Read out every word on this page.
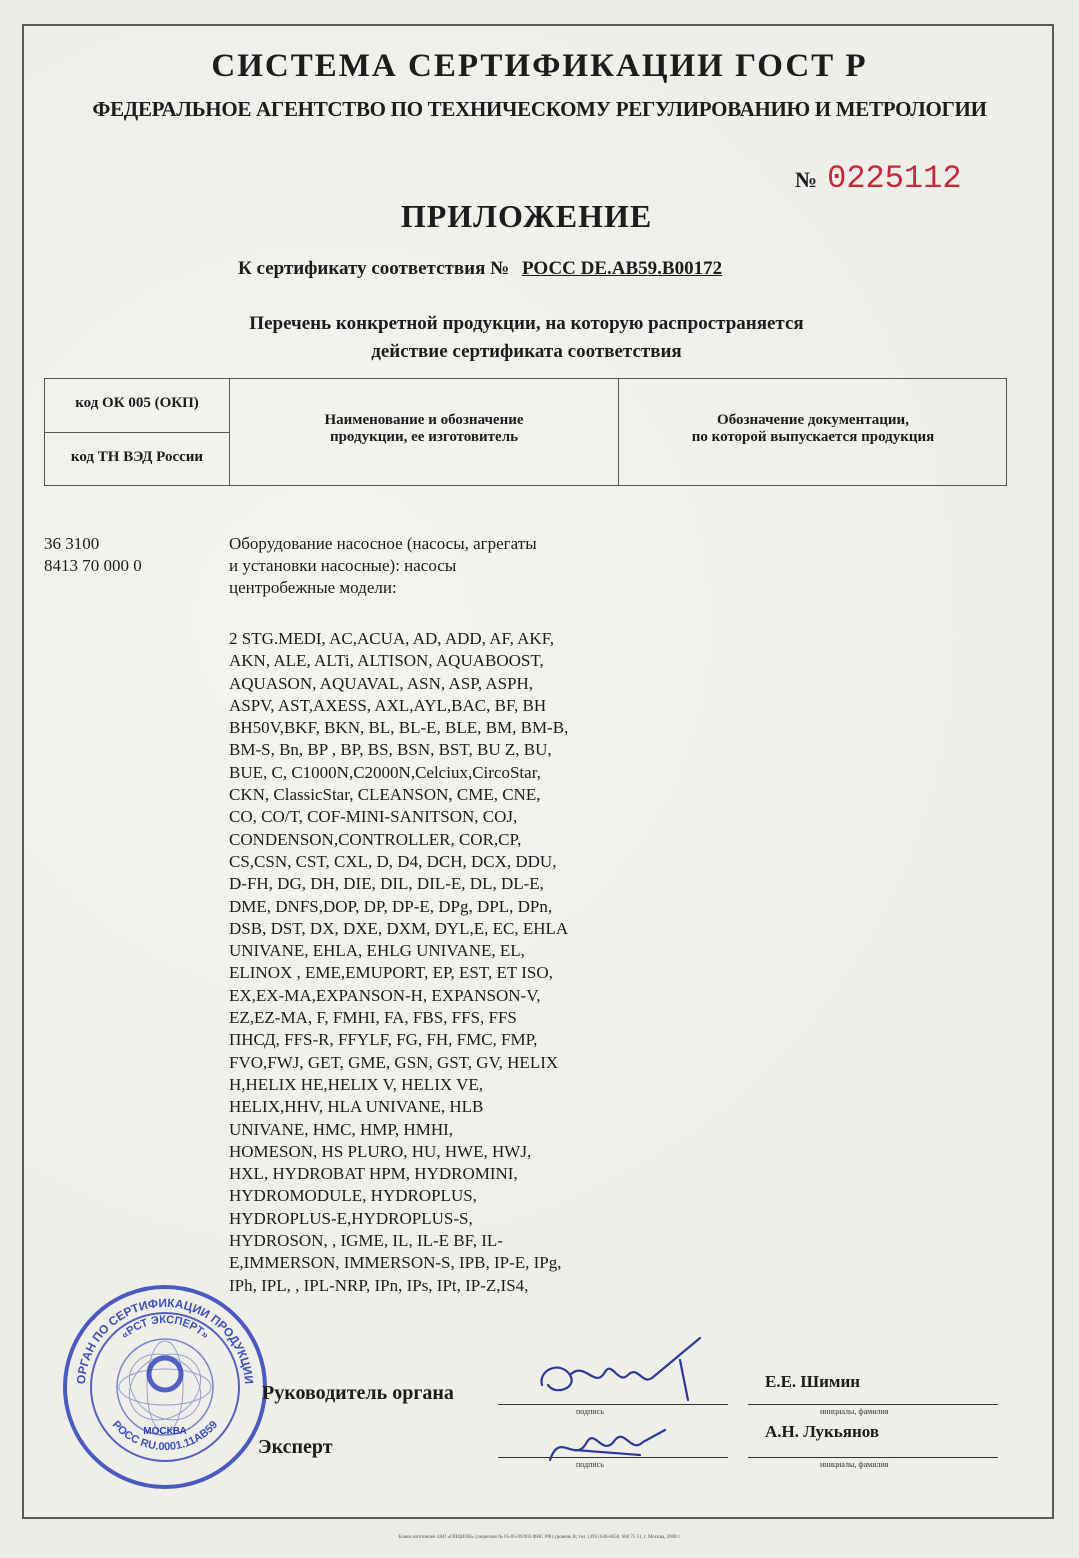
СИСТЕМА СЕРТИФИКАЦИИ ГОСТ Р
ФЕДЕРАЛЬНОЕ АГЕНТСТВО ПО ТЕХНИЧЕСКОМУ РЕГУЛИРОВАНИЮ И МЕТРОЛОГИИ
№ 0225112
ПРИЛОЖЕНИЕ
К сертификату соответствия № РОСС DE.АВ59.В00172
Перечень конкретной продукции, на которую распространяется
действие сертификата соответствия
код ОК 005 (ОКП)
код ТН ВЭД России
Наименование и обозначение
продукции, ее изготовитель
Обозначение документации,
по которой выпускается продукция
36 3100
8413 70 000 0
Оборудование насосное (насосы, агрегаты
и установки насосные): насосы
центробежные модели:
2 STG.MEDI, AC,ACUA, AD, ADD, AF, AKF,
AKN, ALE, ALTi, ALTISON, AQUABOOST,
AQUASON, AQUAVAL, ASN, ASP, ASPH,
ASPV, AST,AXESS, AXL,AYL,BAC, BF, BH
BH50V,BKF, BKN, BL, BL-E, BLE, BM, BM-B,
BM-S, Bn, BP , BP, BS, BSN, BST, BU Z, BU,
BUE, C, C1000N,C2000N,Celciux,CircoStar,
CKN, ClassicStar, CLEANSON, CME, CNE,
CO, CO/T, COF-MINI-SANITSON, COJ,
CONDENSON,CONTROLLER, COR,CP,
CS,CSN, CST, CXL, D, D4, DCH, DCX, DDU,
D-FH, DG, DH, DIE, DIL, DIL-E, DL, DL-E,
DME, DNFS,DOP, DP, DP-E, DPg, DPL, DPn,
DSB, DST, DX, DXE, DXM, DYL,E, EC, EHLA
UNIVANE, EHLA, EHLG UNIVANE, EL,
ELINOX , EME,EMUPORT, EP, EST, ET ISO,
EX,EX-MA,EXPANSON-H, EXPANSON-V,
EZ,EZ-MA, F, FMHI, FA, FBS, FFS, FFS
ПНСД, FFS-R, FFYLF, FG, FH, FMC, FMP,
FVO,FWJ, GET, GME, GSN, GST, GV, HELIX
H,HELIX HE,HELIX V, HELIX VE,
HELIX,HHV, HLA UNIVANE, HLB
UNIVANE, HMC, HMP, HMHI,
HOMESON, HS PLURO, HU, HWE, HWJ,
HXL, HYDROBAT HPM, HYDROMINI,
HYDROMODULE, HYDROPLUS,
HYDROPLUS-E,HYDROPLUS-S,
HYDROSON, , IGME, IL, IL-E BF, IL-
E,IMMERSON, IMMERSON-S, IPB, IP-E, IPg,
IPh, IPL, , IPL-NRP, IPn, IPs, IPt, IP-Z,IS4,
ОРГАН ПО СЕРТИФИКАЦИИ ПРОДУКЦИИ
«РСТ ЭКСПЕРТ»
МОСКВА
РОСС RU.0001.11АВ59
Руководитель органа
Эксперт
подпись	инициалы, фамилия
подпись	инициалы, фамилия
Е.Е. Шимин
А.Н. Лукьянов
Бланк изготовлен ЗАО «ОПЦИОН» (лицензия № 05-05-09/003 ФНС РФ) уровень В; тел. (495) 646-8658, 600 75 11, г. Москва, 2008 г.
